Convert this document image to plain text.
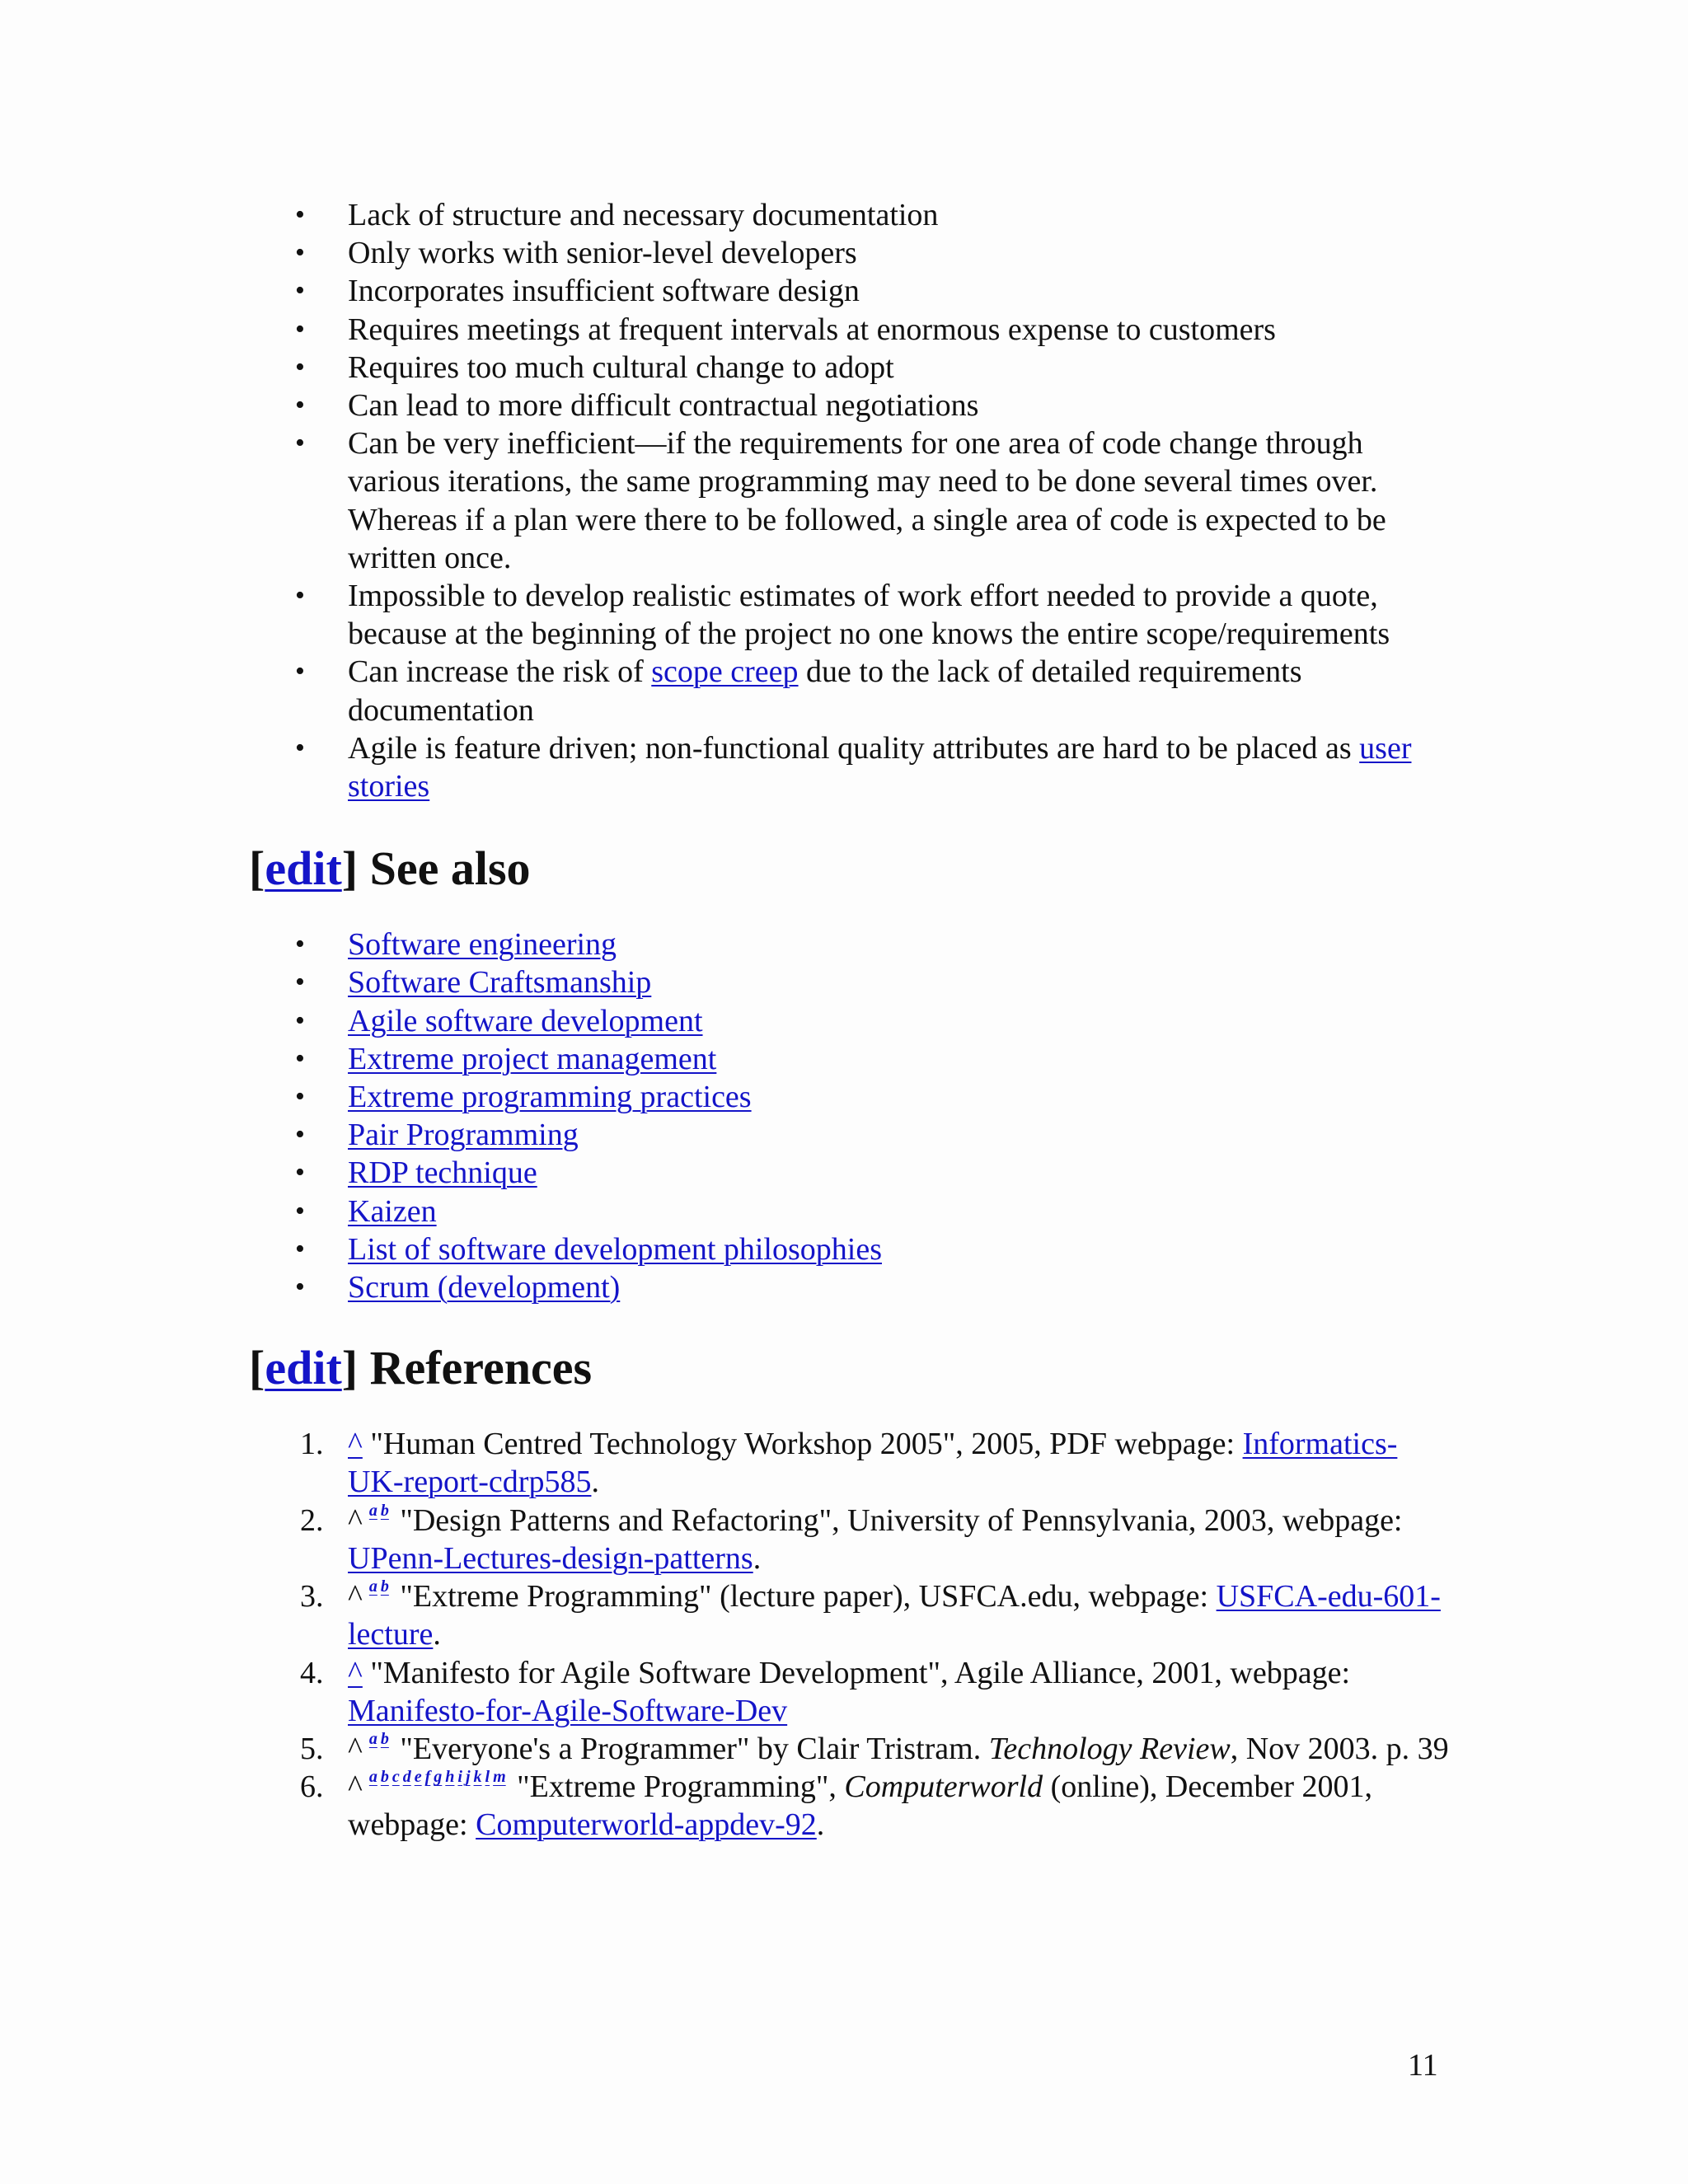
• Lack of structure and necessary documentation
• Only works with senior-level developers
• Incorporates insufficient software design
• Requires meetings at frequent intervals at enormous expense to customers
• Requires too much cultural change to adopt
• Can lead to more difficult contractual negotiations
• Can be very inefficient—if the requirements for one area of code change through various iterations, the same programming may need to be done several times over. Whereas if a plan were there to be followed, a single area of code is expected to be written once.
• Impossible to develop realistic estimates of work effort needed to provide a quote, because at the beginning of the project no one knows the entire scope/requirements
• Can increase the risk of scope creep due to the lack of detailed requirements documentation
• Agile is feature driven; non-functional quality attributes are hard to be placed as user stories
[edit] See also
• Software engineering
• Software Craftsmanship
• Agile software development
• Extreme project management
• Extreme programming practices
• Pair Programming
• RDP technique
• Kaizen
• List of software development philosophies
• Scrum (development)
[edit] References
1. ^ "Human Centred Technology Workshop 2005", 2005, PDF webpage: Informatics-UK-report-cdrp585.
2. ^ $^a$ $^b$ "Design Patterns and Refactoring", University of Pennsylvania, 2003, webpage: UPenn-Lectures-design-patterns.
3. ^ $^a$ $^b$ "Extreme Programming" (lecture paper), USFCA.edu, webpage: USFCA-edu-601-lecture.
4. ^ "Manifesto for Agile Software Development", Agile Alliance, 2001, webpage: Manifesto-for-Agile-Software-Dev
5. ^ $^a$ $^b$ "Everyone's a Programmer" by Clair Tristram. Technology Review, Nov 2003. p. 39
6. ^ $^a$ $^b$ $^c$ $^d$ $^e$ $^f$ $^g$ $^h$ $^i$ $^j$ $^k$ $^l$ $^m$ "Extreme Programming", Computerworld (online), December 2001, webpage: Computerworld-appdev-92.
11
